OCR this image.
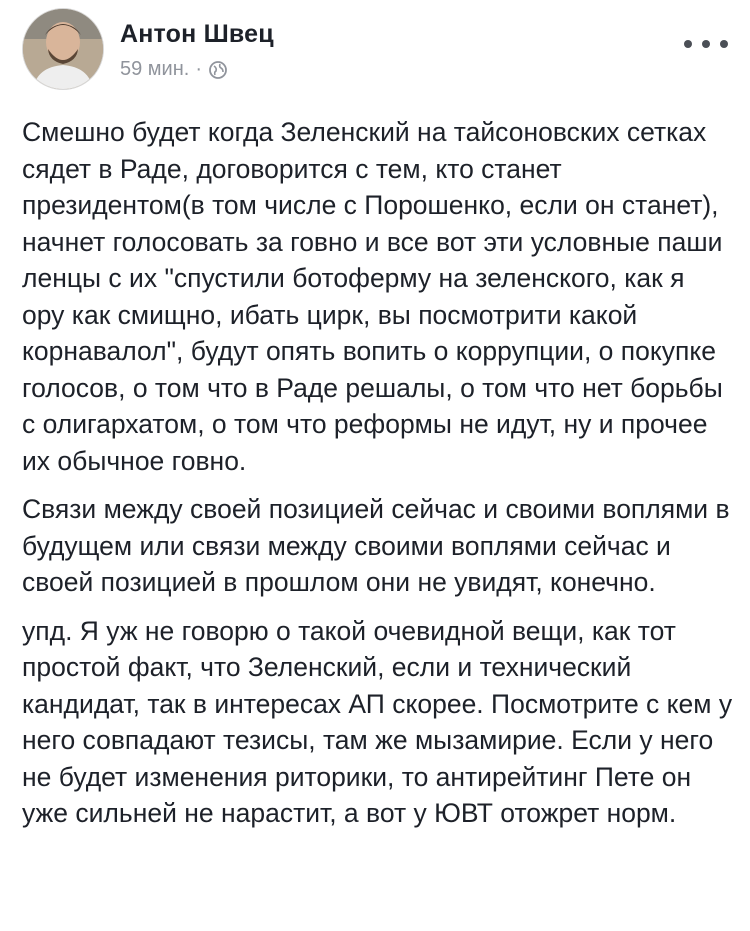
Антон Швец
59 мин. ·

Смешно будет когда Зеленский на тайсоновских сетках сядет в Раде, договорится с тем, кто станет президентом(в том числе с Порошенко, если он станет), начнет голосовать за говно и все вот эти условные паши ленцы с их "спустили ботоферму на зеленского, как я ору как смищно, ибать цирк, вы посмотрити какой корнавалол", будут опять вопить о коррупции, о покупке голосов, о том что в Раде решалы, о том что нет борьбы с олигархатом, о том что реформы не идут, ну и прочее их обычное говно.

Связи между своей позицией сейчас и своими воплями в будущем или связи между своими воплями сейчас и своей позицией в прошлом они не увидят, конечно.

упд. Я уж не говорю о такой очевидной вещи, как тот простой факт, что Зеленский, если и технический кандидат, так в интересах АП скорее. Посмотрите с кем у него совпадают тезисы, там же мызамирие. Если у него не будет изменения риторики, то антирейтинг Пете он уже сильней не нарастит, а вот у ЮВТ отожрет норм.
